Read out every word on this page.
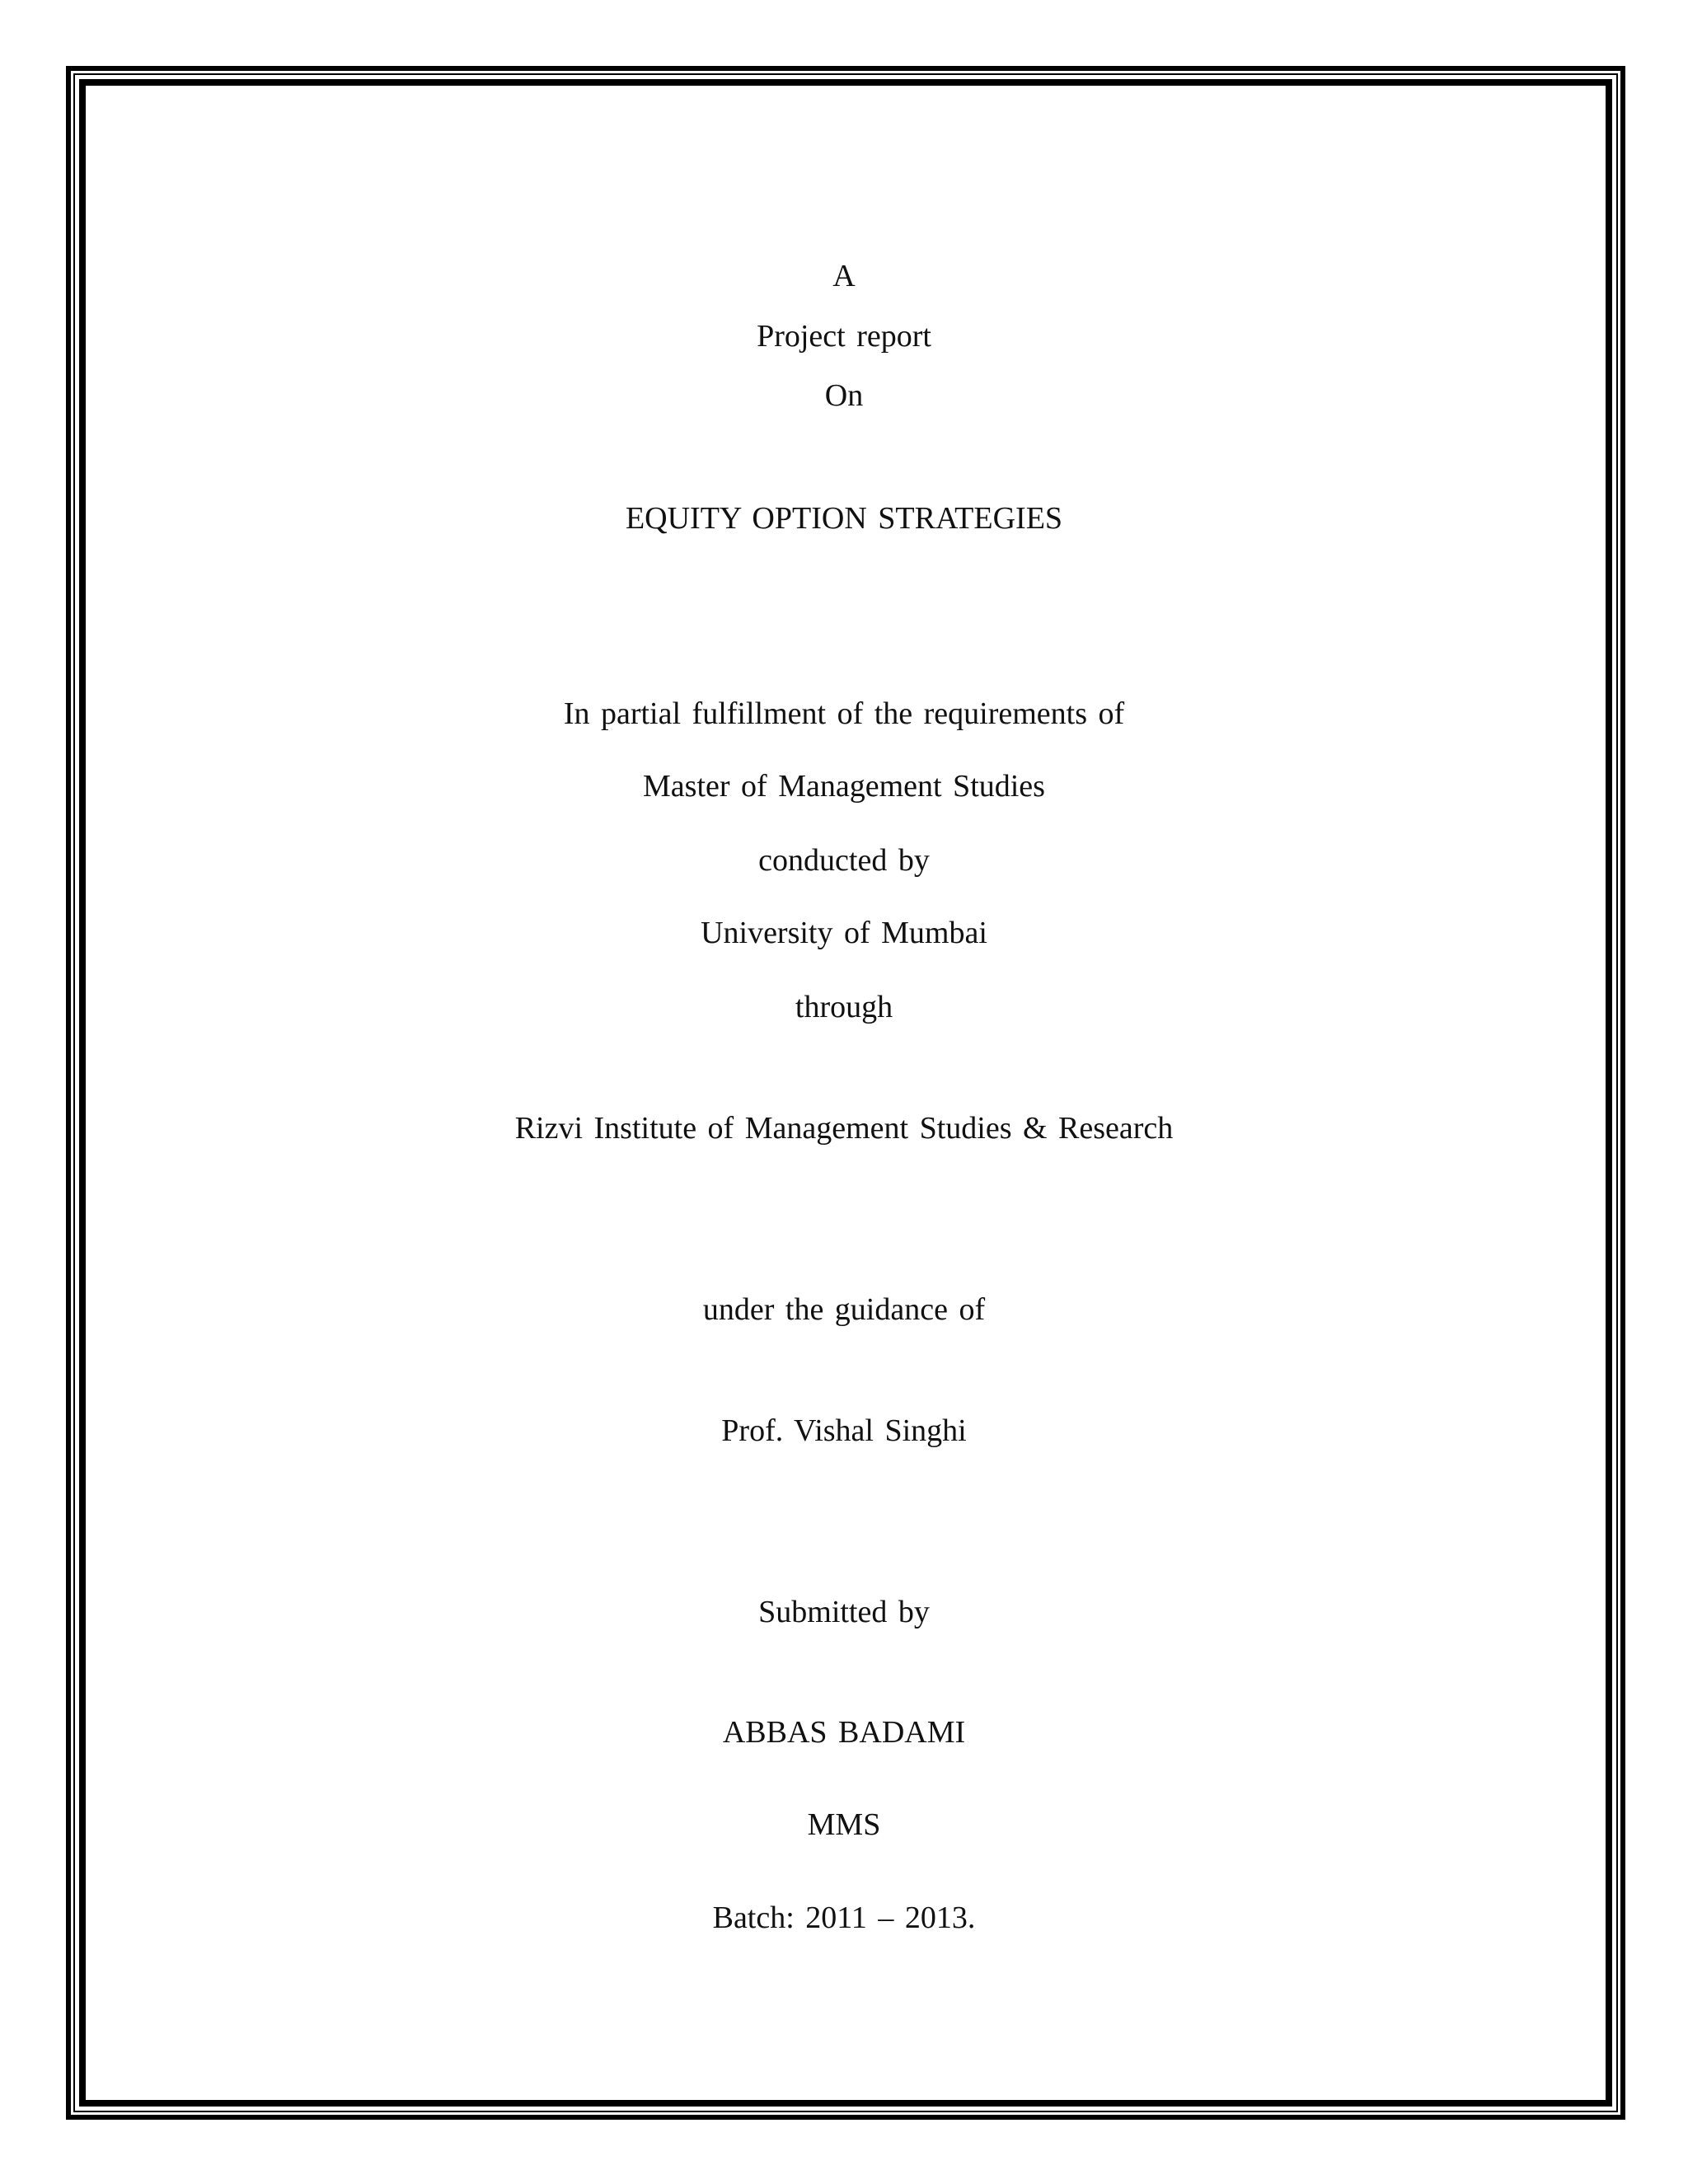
A
Project report
On
EQUITY OPTION STRATEGIES
In partial fulfillment of the requirements of
Master of Management Studies
conducted by
University of Mumbai
through
Rizvi Institute of Management Studies & Research
under the guidance of
Prof. Vishal Singhi
Submitted by
ABBAS BADAMI
MMS
Batch: 2011 – 2013.
